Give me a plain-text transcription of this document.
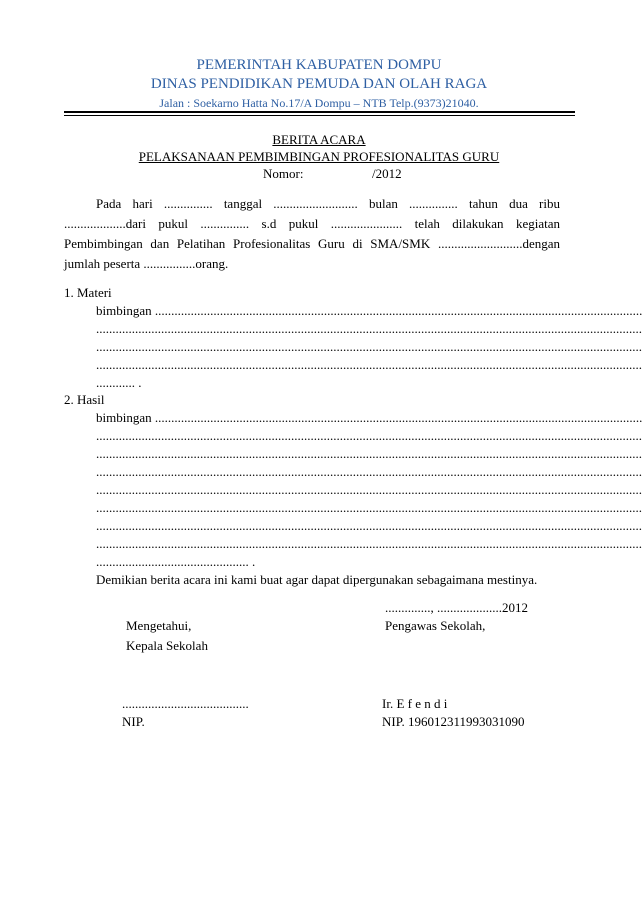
PEMERINTAH KABUPATEN DOMPU
DINAS PENDIDIKAN PEMUDA DAN OLAH RAGA
Jalan : Soekarno Hatta No.17/A Dompu – NTB Telp.(9373)21040.
BERITA ACARA
PELAKSANAAN PEMBIMBINGAN PROFESIONALITAS GURU
Nomor:	/2012
Pada hari ............... tanggal .......................... bulan ............... tahun dua ribu
...................dari pukul ............... s.d pukul ...................... telah dilakukan kegiatan
Pembimbingan dan Pelatihan Profesionalitas Guru di SMA/SMK ..........................dengan
jumlah peserta ................orang.
1. Materi
bimbingan ......................................................................................................................................................
........................................................................................................................................................................
........................................................................................................................................................................
........................................................................................................................................................................
............ .
2. Hasil
bimbingan ......................................................................................................................................................
........................................................................................................................................................................
........................................................................................................................................................................
........................................................................................................................................................................
........................................................................................................................................................................
........................................................................................................................................................................
........................................................................................................................................................................
........................................................................................................................................................................
............................................... .
Demikian berita acara ini kami buat agar dapat dipergunakan sebagaimana mestinya.
.............., ....................2012
Mengetahui,	Pengawas Sekolah,
Kepala Sekolah
.......................................	Ir. E f e n d i
NIP.	NIP. 196012311993031090
